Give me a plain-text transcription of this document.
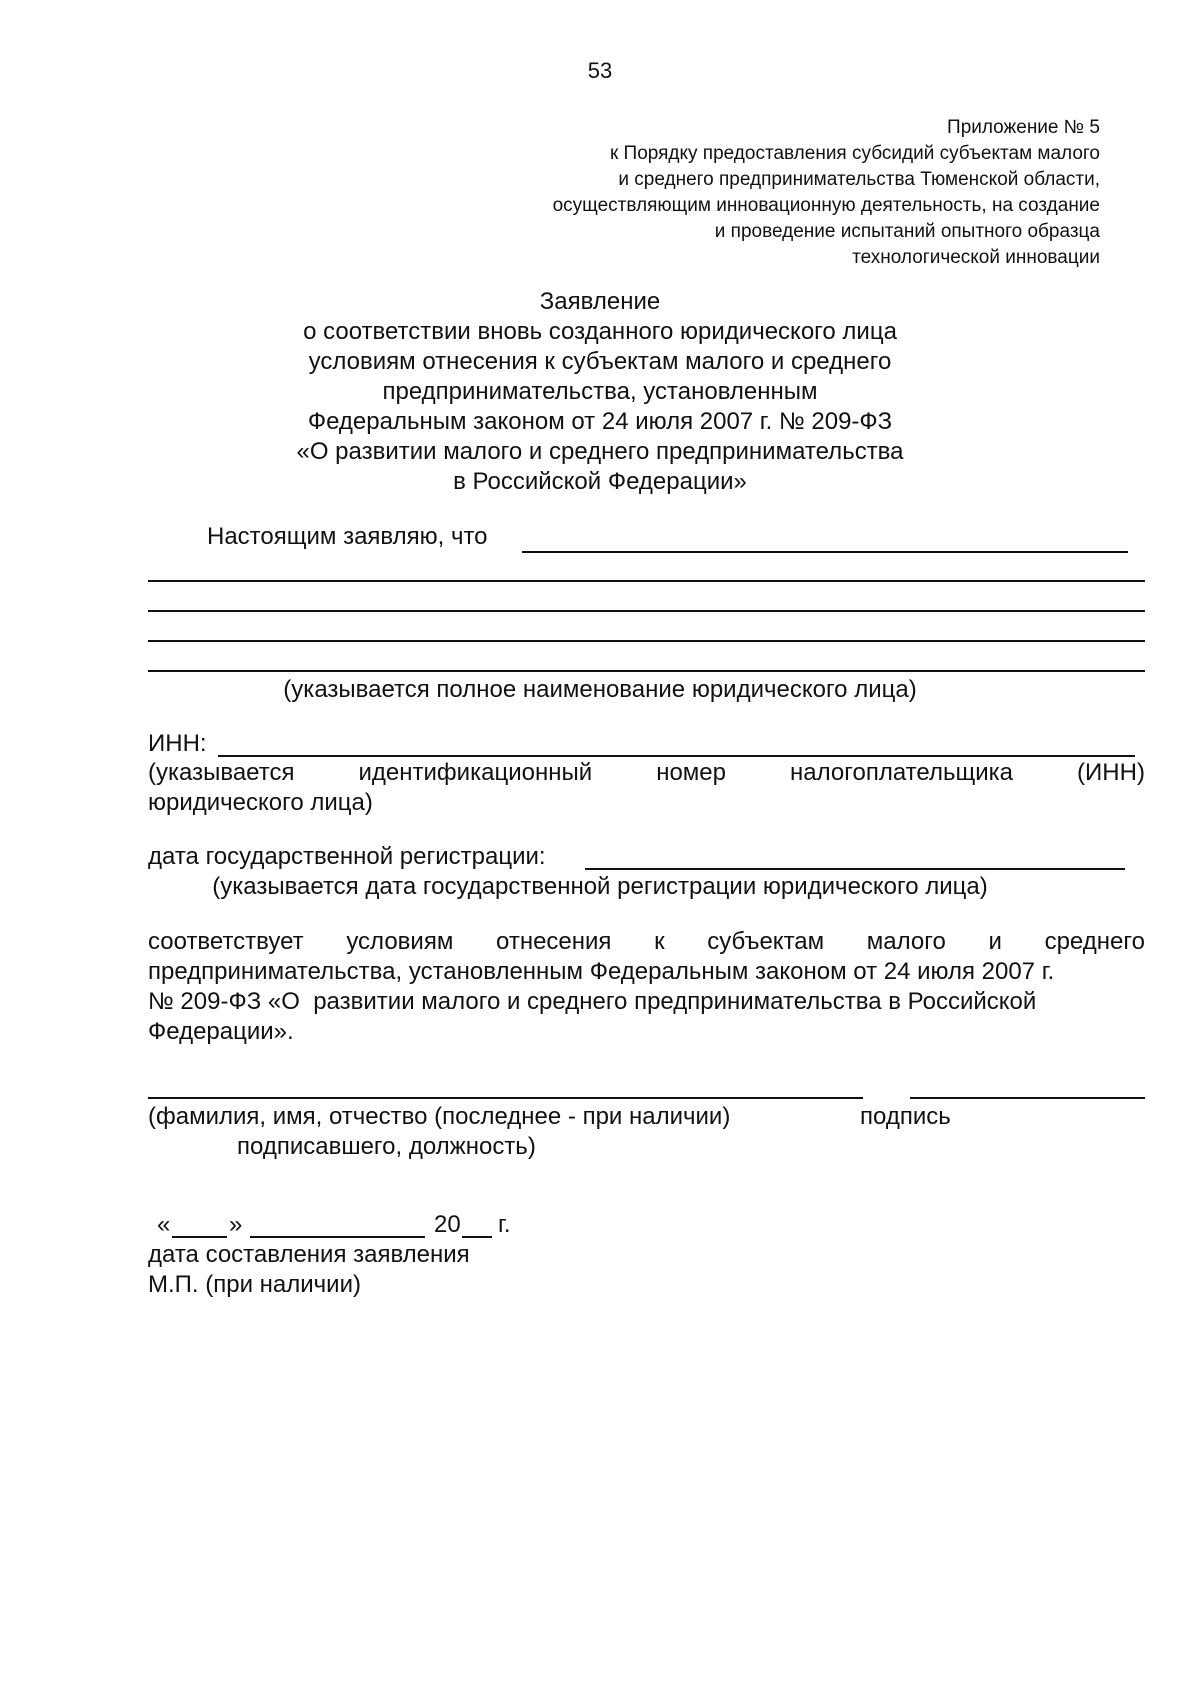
53
Приложение № 5
к Порядку предоставления субсидий субъектам малого
и среднего предпринимательства Тюменской области,
осуществляющим инновационную деятельность, на создание
и проведение испытаний опытного образца
технологической инновации
Заявление
о соответствии вновь созданного юридического лица
условиям отнесения к субъектам малого и среднего
предпринимательства, установленным
Федеральным законом от 24 июля 2007 г. № 209-ФЗ
«О развитии малого и среднего предпринимательства
в Российской Федерации»
Настоящим заявляю, что
(указывается полное наименование юридического лица)
ИНН:
(указывается	идентификационный	номер	налогоплательщика	(ИНН)
юридического лица)
дата государственной регистрации:
(указывается дата государственной регистрации юридического лица)
соответствует условиям отнесения к субъектам малого и среднего
предпринимательства, установленным Федеральным законом от 24 июля 2007 г.
№ 209-ФЗ «О  развитии малого и среднего предпринимательства в Российской
Федерации».
(фамилия, имя, отчество (последнее - при наличии)	подпись
подписавшего, должность)
« »	20 г.
дата составления заявления
М.П. (при наличии)
